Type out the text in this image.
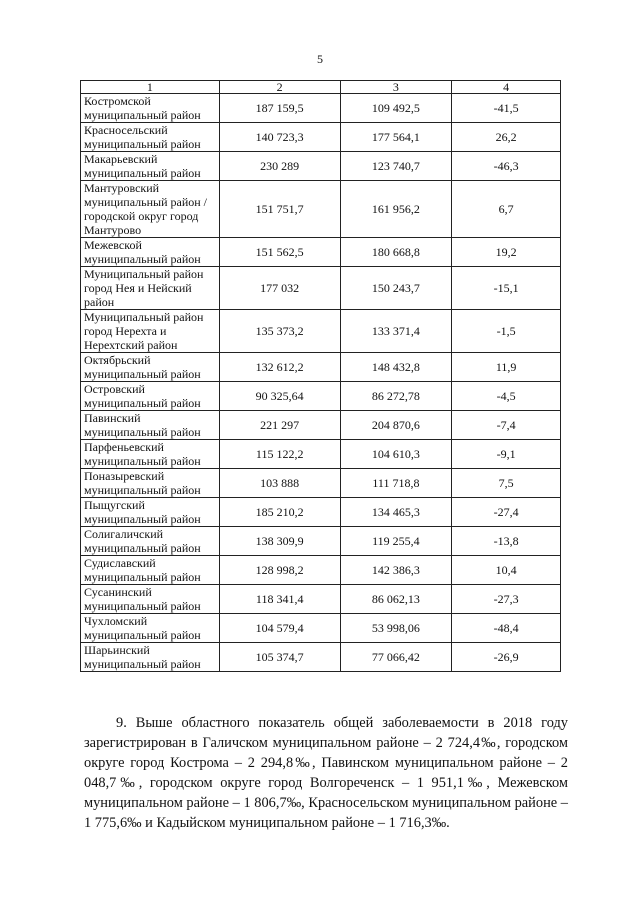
5
1	2	3	4
Костромской муниципальный район	187 159,5	109 492,5	-41,5
Красносельский муниципальный район	140 723,3	177 564,1	26,2
Макарьевский муниципальный район	230 289	123 740,7	-46,3
Мантуровский муниципальный район / городской округ город Мантурово	151 751,7	161 956,2	6,7
Межевской муниципальный район	151 562,5	180 668,8	19,2
Муниципальный район город Нея и Нейский район	177 032	150 243,7	-15,1
Муниципальный район город Нерехта и Нерехтский район	135 373,2	133 371,4	-1,5
Октябрьский муниципальный район	132 612,2	148 432,8	11,9
Островский муниципальный район	90 325,64	86 272,78	-4,5
Павинский муниципальный район	221 297	204 870,6	-7,4
Парфеньевский муниципальный район	115 122,2	104 610,3	-9,1
Поназыревский муниципальный район	103 888	111 718,8	7,5
Пыщугский муниципальный район	185 210,2	134 465,3	-27,4
Солигаличский муниципальный район	138 309,9	119 255,4	-13,8
Судиславский муниципальный район	128 998,2	142 386,3	10,4
Сусанинский муниципальный район	118 341,4	86 062,13	-27,3
Чухломский муниципальный район	104 579,4	53 998,06	-48,4
Шарьинский муниципальный район	105 374,7	77 066,42	-26,9
9. Выше областного показатель общей заболеваемости в 2018 году зарегистрирован в Галичском муниципальном районе – 2 724,4‰, городском округе город Кострома – 2 294,8‰, Павинском муниципальном районе – 2 048,7‰, городском округе город Волгореченск – 1 951,1‰, Межевском муниципальном районе – 1 806,7‰, Красносельском муниципальном районе – 1 775,6‰ и Кадыйском муниципальном районе – 1 716,3‰.
